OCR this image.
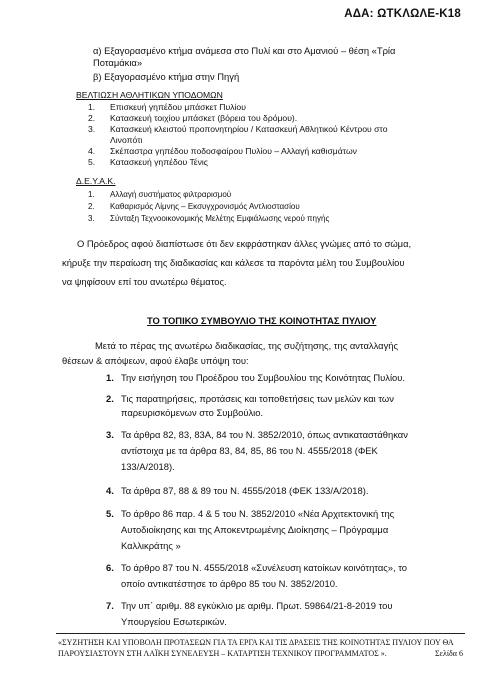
ΑΔΑ: ΩΤΚΛΩΛΕ-Κ18
α) Εξαγορασμένο κτήμα ανάμεσα στο Πυλί και στο Αμανιού – θέση «Τρία
Ποταμάκια»
β) Εξαγορασμένο κτήμα στην Πηγή
ΒΕΛΤΙΩΣΗ ΑΘΛΗΤΙΚΩΝ ΥΠΟΔΟΜΩΝ
1. Επισκευή γηπέδου μπάσκετ Πυλίου
2. Κατασκευή τοιχίου μπάσκετ (βόρεια του δρόμου).
3. Κατασκευή κλειστού προπονητηρίου / Κατασκευή Αθλητικού Κέντρου στο
Λινοπότι
4. Σκέπαστρα γηπέδου ποδοσφαίρου Πυλίου – Αλλαγή καθισμάτων
5. Κατασκευή γηπέδου Τένις
Δ.Ε.Υ.Α.Κ.
1. Αλλαγή συστήματος φιλτραρισμού
2. Καθαρισμός Λίμνης – Εκσυγχρονισμός Αντλιοστασίου
3. Σύνταξη Τεχνοοικονομικής Μελέτης Εμφιάλωσης νερού πηγής
Ο Πρόεδρος αφού διαπίστωσε ότι δεν εκφράστηκαν άλλες γνώμες από το σώμα,
κήρυξε την περαίωση της διαδικασίας και κάλεσε τα παρόντα μέλη του Συμβουλίου
να ψηφίσουν επί του ανωτέρω θέματος.
ΤΟ ΤΟΠΙΚΟ ΣΥΜΒΟΥΛΙΟ ΤΗΣ ΚΟΙΝΟΤΗΤΑΣ ΠΥΛΙΟΥ
Μετά το πέρας της ανωτέρω διαδικασίας, της συζήτησης, της ανταλλαγής
θέσεων & απόψεων, αφού έλαβε υπόψη του:
1. Την εισήγηση του Προέδρου του Συμβουλίου της Κοινότητας Πυλίου.
2. Τις παρατηρήσεις, προτάσεις και τοποθετήσεις των μελών και των
παρευρισκόμενων στο Συμβούλιο.
3. Τα άρθρα 82, 83, 83Α, 84 του Ν. 3852/2010, όπως αντικαταστάθηκαν
αντίστοιχα με τα άρθρα 83, 84, 85, 86 του Ν. 4555/2018 (ΦΕΚ
133/Α/2018).
4. Τα άρθρα 87, 88 & 89 του Ν. 4555/2018 (ΦΕΚ 133/Α/2018).
5. Το άρθρο 86 παρ. 4 & 5 του Ν. 3852/2010 «Νέα Αρχιτεκτονική της
Αυτοδιοίκησης και της Αποκεντρωμένης Διοίκησης – Πρόγραμμα
Καλλικράτης »
6. Το άρθρο 87 του Ν. 4555/2018 «Συνέλευση κατοίκων κοινότητας», το
οποίο αντικατέστησε το άρθρο 85 του Ν. 3852/2010.
7. Την υπ΄ αριθμ. 88 εγκύκλιο με αριθμ. Πρωτ. 59864/21-8-2019 του
Υπουργείου Εσωτερικών.
«ΣΥΖΗΤΗΣΗ ΚΑΙ ΥΠΟΒΟΛΗ ΠΡΟΤΑΣΕΩΝ ΓΙΑ ΤΑ ΕΡΓΑ ΚΑΙ ΤΙΣ ΔΡΑΣΕΙΣ ΤΗΣ ΚΟΙΝΟΤΗΤΑΣ ΠΥΛΙΟΥ ΠΟΥ ΘΑ
ΠΑΡΟΥΣΙΑΣΤΟΥΝ ΣΤΗ ΛΑΪΚΗ ΣΥΝΕΛΕΥΣΗ – ΚΑΤΑΡΤΙΣΗ ΤΕΧΝΙΚΟΥ ΠΡΟΓΡΑΜΜΑΤΟΣ ».	Σελίδα 6
